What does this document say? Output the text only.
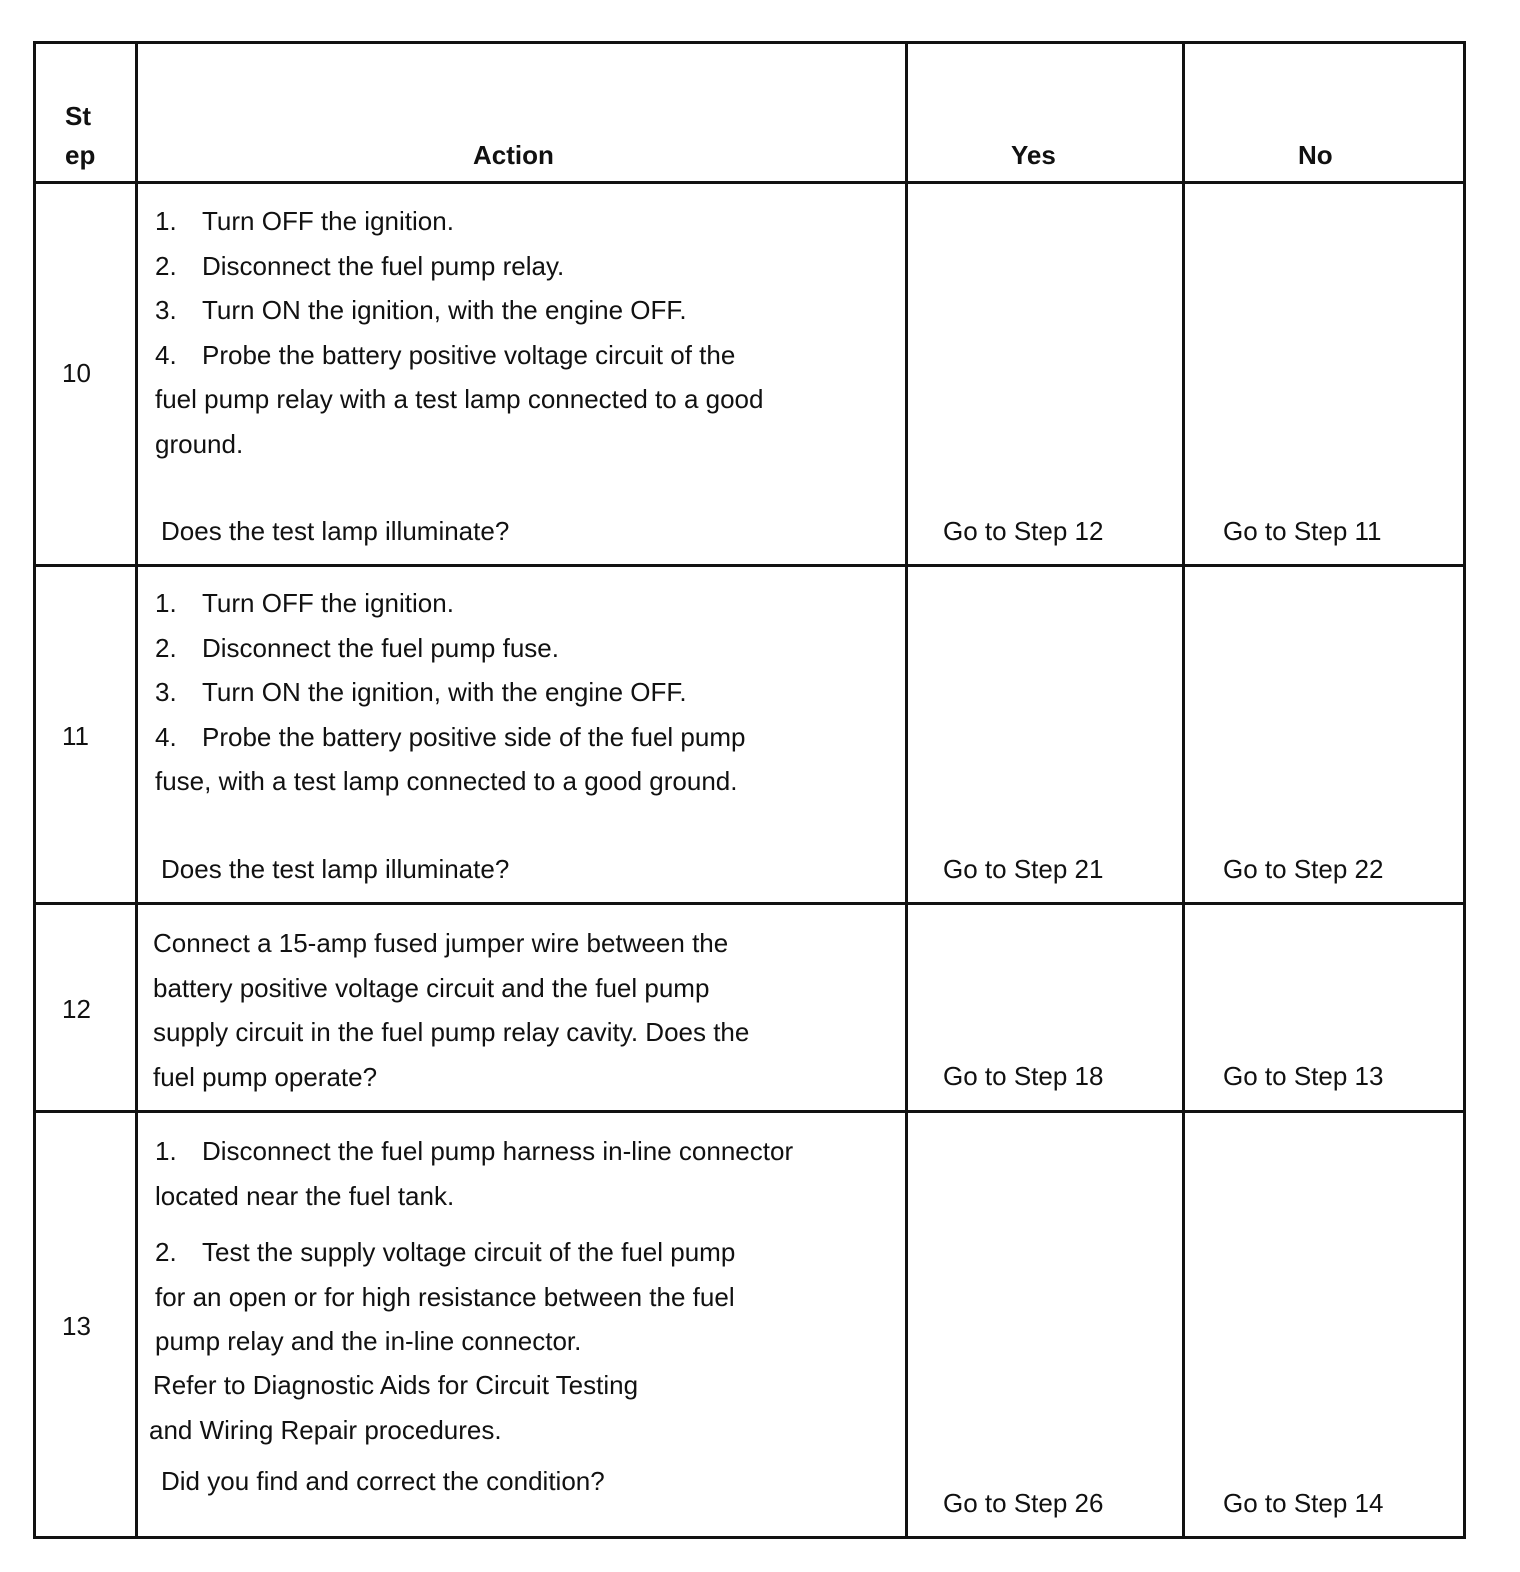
St
ep	Action	Yes	No
10
1. Turn OFF the ignition.
2. Disconnect the fuel pump relay.
3. Turn ON the ignition, with the engine OFF.
4. Probe the battery positive voltage circuit of the
fuel pump relay with a test lamp connected to a good
ground.
Does the test lamp illuminate?	Go to Step 12	Go to Step 11
11
1. Turn OFF the ignition.
2. Disconnect the fuel pump fuse.
3. Turn ON the ignition, with the engine OFF.
4. Probe the battery positive side of the fuel pump
fuse, with a test lamp connected to a good ground.
Does the test lamp illuminate?	Go to Step 21	Go to Step 22
12
Connect a 15-amp fused jumper wire between the
battery positive voltage circuit and the fuel pump
supply circuit in the fuel pump relay cavity. Does the
fuel pump operate?	Go to Step 18	Go to Step 13
13
1. Disconnect the fuel pump harness in-line connector
located near the fuel tank.
2. Test the supply voltage circuit of the fuel pump
for an open or for high resistance between the fuel
pump relay and the in-line connector.
Refer to Diagnostic Aids for Circuit Testing
and Wiring Repair procedures.
Did you find and correct the condition?
Go to Step 26	Go to Step 14
